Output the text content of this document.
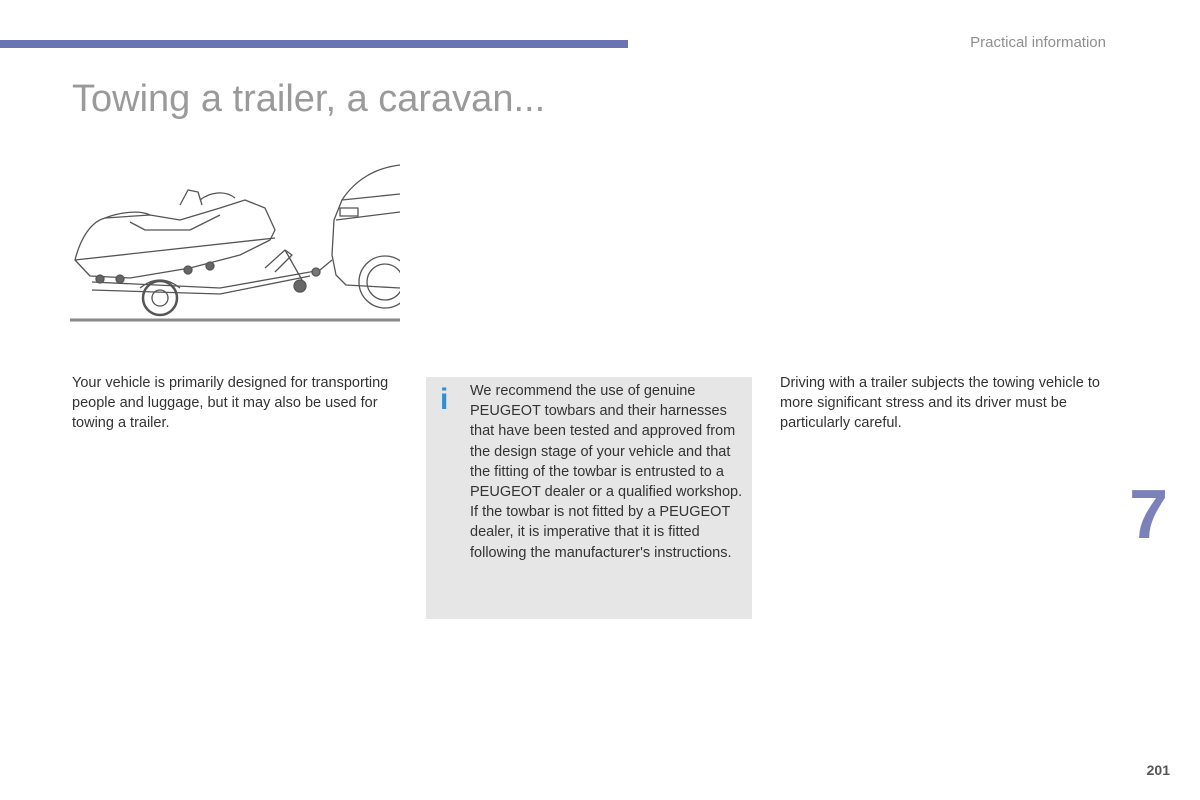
Practical information
Towing a trailer, a caravan...
Your vehicle is primarily designed for transporting people and luggage, but it may also be used for towing a trailer.
i We recommend the use of genuine PEUGEOT towbars and their harnesses that have been tested and approved from the design stage of your vehicle and that the fitting of the towbar is entrusted to a PEUGEOT dealer or a qualified workshop.

If the towbar is not fitted by a PEUGEOT dealer, it is imperative that it is fitted following the manufacturer's instructions.

Driving with a trailer subjects the towing vehicle to more significant stress and its driver must be particularly careful.
7
201
